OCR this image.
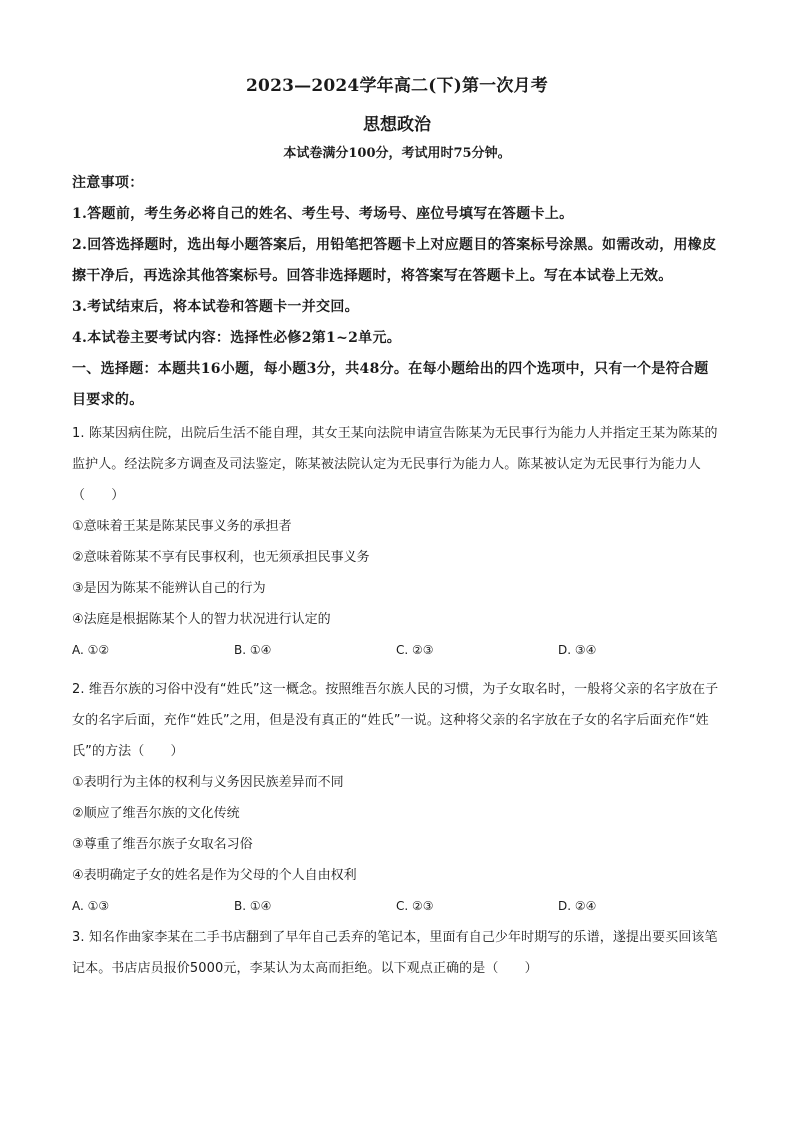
2023—2024学年高二(下)第一次月考
思想政治

本试卷满分100分，考试用时75分钟。

注意事项：

1.答题前，考生务必将自己的姓名、考生号、考场号、座位号填写在答题卡上。

2.回答选择题时，选出每小题答案后，用铅笔把答题卡上对应题目的答案标号涂黑。如需改动，用橡皮擦干净后，再选涂其他答案标号。回答非选择题时，将答案写在答题卡上。写在本试卷上无效。

3.考试结束后，将本试卷和答题卡一并交回。

4.本试卷主要考试内容：选择性必修2第1~2单元。

一、选择题：本题共16小题，每小题3分，共48分。在每小题给出的四个选项中，只有一个是符合题目要求的。

1. 陈某因病住院，出院后生活不能自理，其女王某向法院申请宣告陈某为无民事行为能力人并指定王某为陈某的监护人。经法院多方调查及司法鉴定，陈某被法院认定为无民事行为能力人。陈某被认定为无民事行为能力人（　　）

①意味着王某是陈某民事义务的承担者

②意味着陈某不享有民事权利，也无须承担民事义务

③是因为陈某不能辨认自己的行为

④法庭是根据陈某个人的智力状况进行认定的

A. ①②	B. ①④	C. ②③	D. ③④

2. 维吾尔族的习俗中没有“姓氏”这一概念。按照维吾尔族人民的习惯，为子女取名时，一般将父亲的名字放在子女的名字后面，充作“姓氏”之用，但是没有真正的“姓氏”一说。这种将父亲的名字放在子女的名字后面充作“姓氏”的方法（　　）

①表明行为主体的权利与义务因民族差异而不同

②顺应了维吾尔族的文化传统

③尊重了维吾尔族子女取名习俗

④表明确定子女的姓名是作为父母的个人自由权利

A. ①③	B. ①④	C. ②③	D. ②④

3. 知名作曲家李某在二手书店翻到了早年自己丢弃的笔记本，里面有自己少年时期写的乐谱，遂提出要买回该笔记本。书店店员报价5000元，李某认为太高而拒绝。以下观点正确的是（　　）
